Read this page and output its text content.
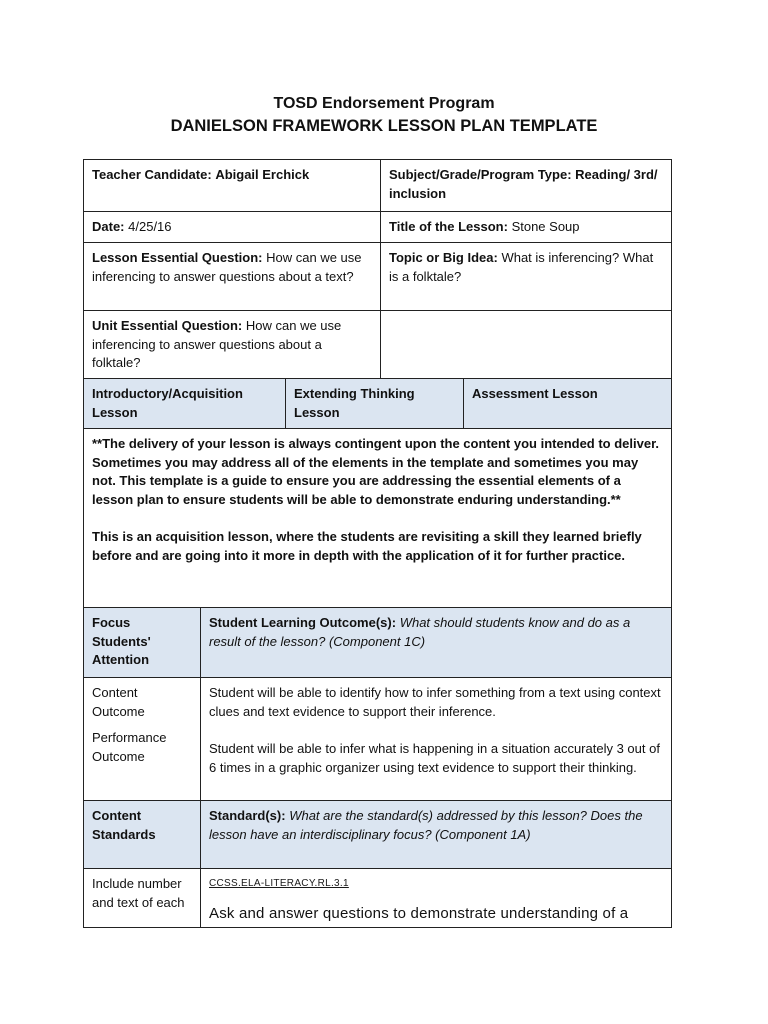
TOSD Endorsement Program
DANIELSON FRAMEWORK LESSON PLAN TEMPLATE
Teacher Candidate: Abigail Erchick	Subject/Grade/Program Type: Reading/ 3rd/ inclusion
Date: 4/25/16	Title of the Lesson: Stone Soup
Lesson Essential Question: How can we use inferencing to answer questions about a text?
Topic or Big Idea: What is inferencing? What is a folktale?
Unit Essential Question: How can we use inferencing to answer questions about a folktale?
Introductory/Acquisition Lesson
Extending Thinking Lesson
Assessment Lesson
**The delivery of your lesson is always contingent upon the content you intended to deliver. Sometimes you may address all of the elements in the template and sometimes you may not. This template is a guide to ensure you are addressing the essential elements of a lesson plan to ensure students will be able to demonstrate enduring understanding.**
This is an acquisition lesson, where the students are revisiting a skill they learned briefly before and are going into it more in depth with the application of it for further practice.
Focus Students' Attention
Student Learning Outcome(s): What should students know and do as a result of the lesson? (Component 1C)
Content Outcome
Performance Outcome
Student will be able to identify how to infer something from a text using context clues and text evidence to support their inference.
Student will be able to infer what is happening in a situation accurately 3 out of 6 times in a graphic organizer using text evidence to support their thinking.
Content Standards
Standard(s): What are the standard(s) addressed by this lesson? Does the lesson have an interdisciplinary focus? (Component 1A)
Include number and text of each
CCSS.ELA-LITERACY.RL.3.1
Ask and answer questions to demonstrate understanding of a
